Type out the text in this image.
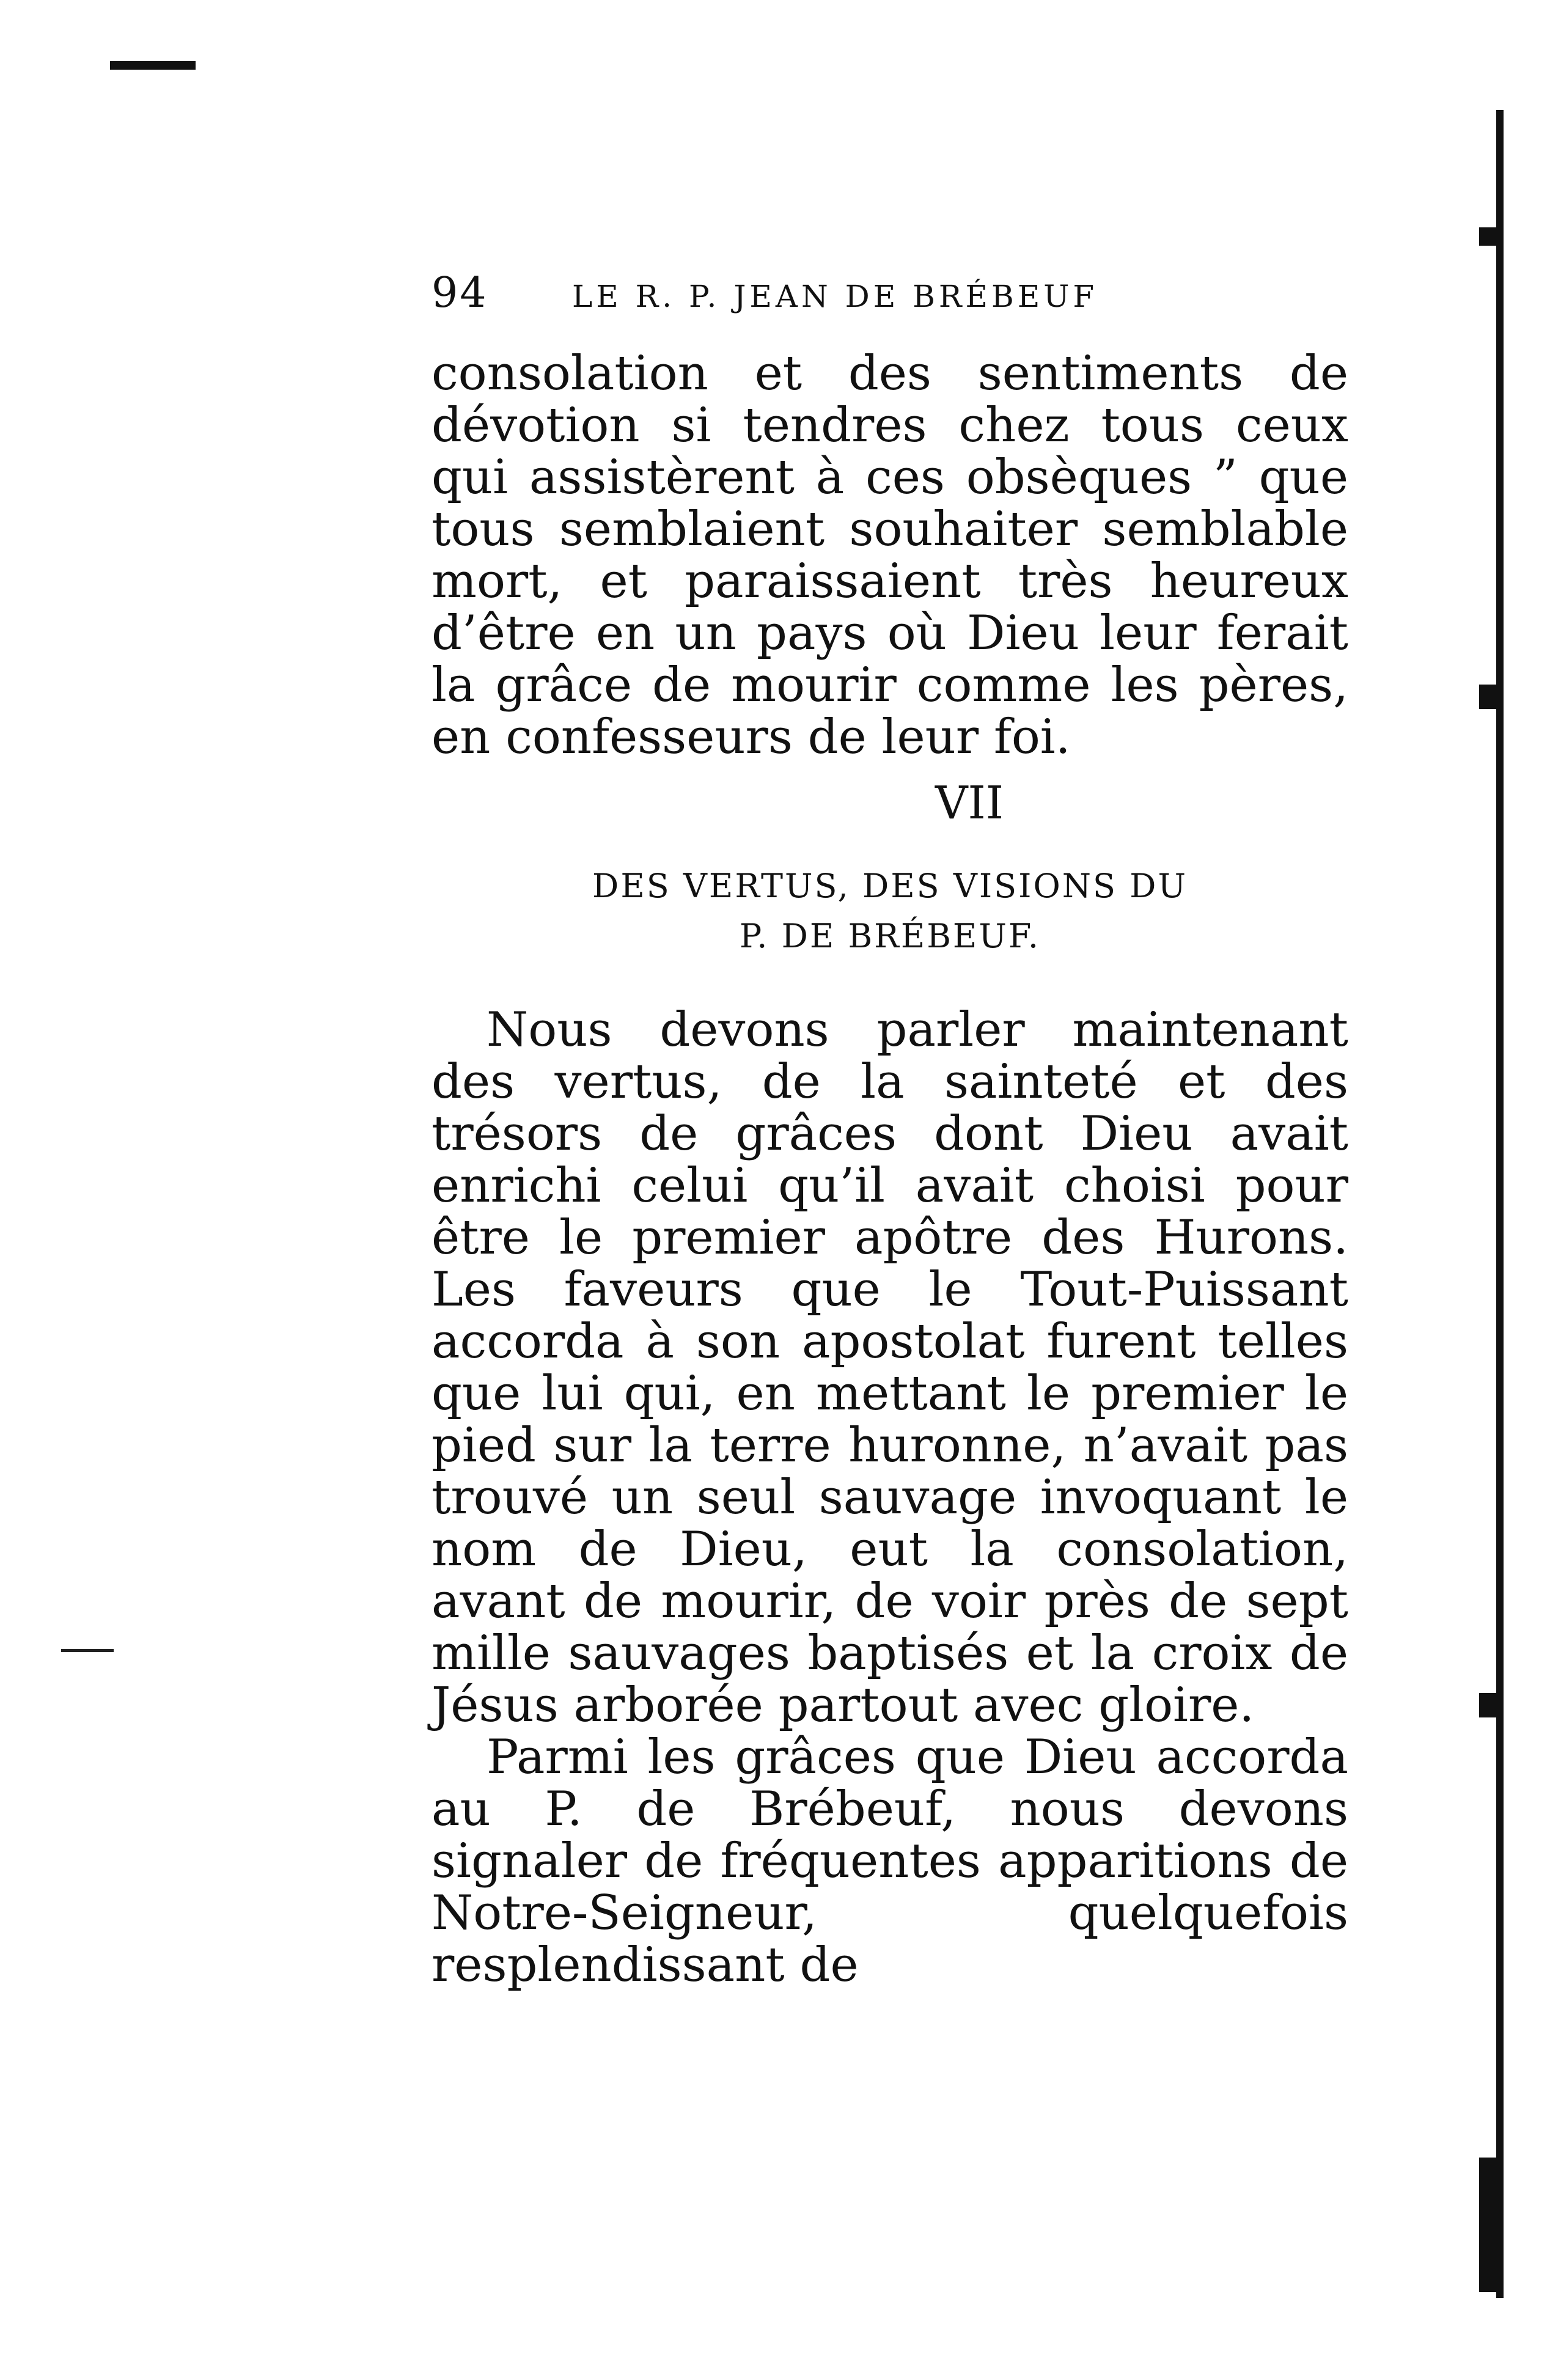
94	LE R. P. JEAN DE BRÉBEUF

consolation et des sentiments de dévotion si tendres chez tous ceux qui assistèrent à ces obsèques ” que tous semblaient souhaiter semblable mort, et paraissaient très heureux d’être en un pays où Dieu leur ferait la grâce de mourir comme les pères, en confesseurs de leur foi.

VII
DES VERTUS, DES VISIONS DU
P. DE BRÉBEUF.

Nous devons parler maintenant des vertus, de la sainteté et des trésors de grâces dont Dieu avait enrichi celui qu’il avait choisi pour être le premier apôtre des Hurons. Les faveurs que le Tout-Puissant accorda à son apostolat furent telles que lui qui, en mettant le premier le pied sur la terre huronne, n’avait pas trouvé un seul sauvage invoquant le nom de Dieu, eut la consolation, avant de mourir, de voir près de sept mille sauvages baptisés et la croix de Jésus arborée partout avec gloire.

Parmi les grâces que Dieu accorda au P. de Brébeuf, nous devons signaler de fréquentes apparitions de Notre-Seigneur, quelquefois resplendissant de
